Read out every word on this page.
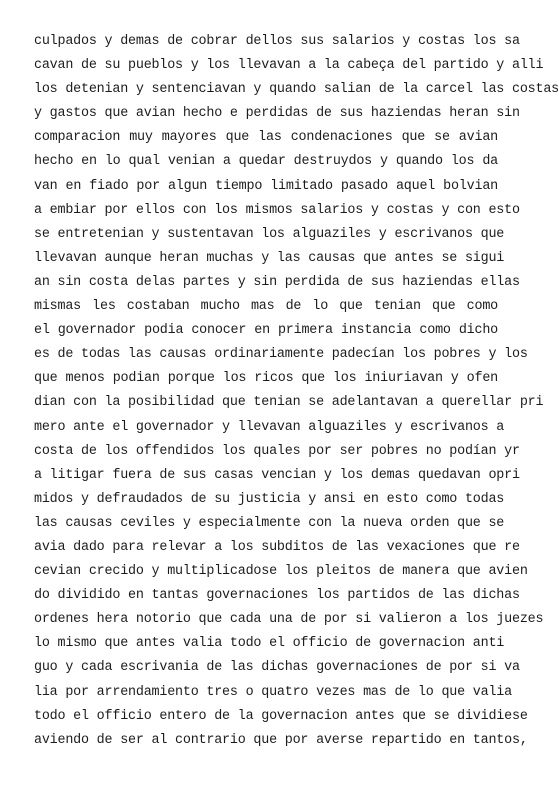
culpados y demas de cobrar dellos sus salarios y costas los sa
cavan de su pueblos y los llevavan a la cabeça del partido y alli
los detenian y sentenciavan y quando salian de la carcel las costas
y gastos que avian hecho e perdidas de sus haziendas heran sin
comparacion muy mayores que las condenaciones que se avian
hecho en lo qual venian a quedar destruydos y quando los da
van en fiado por algun tiempo limitado pasado aquel bolvian
a embiar por ellos con los mismos salarios y costas y con esto
se entretenian y sustentavan los alguaziles y escrivanos que
llevavan aunque heran muchas y las causas que antes se sigui
an sin costa delas partes y sin perdida de sus haziendas ellas
mismas les costaban mucho mas de lo que tenian que como
el governador podia conocer en primera instancia como dicho
es de todas las causas ordinariamente padecían los pobres y los
que menos podian porque los ricos que los iniuriavan y ofen
dian con la posibilidad que tenian se adelantavan a querellar pri
mero ante el governador y llevavan alguaziles y escrivanos a
costa de los offendidos los quales por ser pobres no podían yr
a litigar fuera de sus casas vencian y los demas quedavan opri
midos y defraudados de su justicia y ansi en esto como todas
las causas ceviles y especialmente con la nueva orden que se
avia dado para relevar a los subditos de las vexaciones que re
cevian crecido y multiplicadose los pleitos de manera que avien
do dividido en tantas governaciones los partidos de las dichas
ordenes hera notorio que cada una de por si valieron a los juezes
lo mismo que antes valia todo el officio de governacion anti
guo y cada escrivania de las dichas governaciones de por si va
lia por arrendamiento tres o quatro vezes mas de lo que valia
todo el officio entero de la governacion antes que se dividiese
aviendo de ser al contrario que por averse repartido en tantos,
